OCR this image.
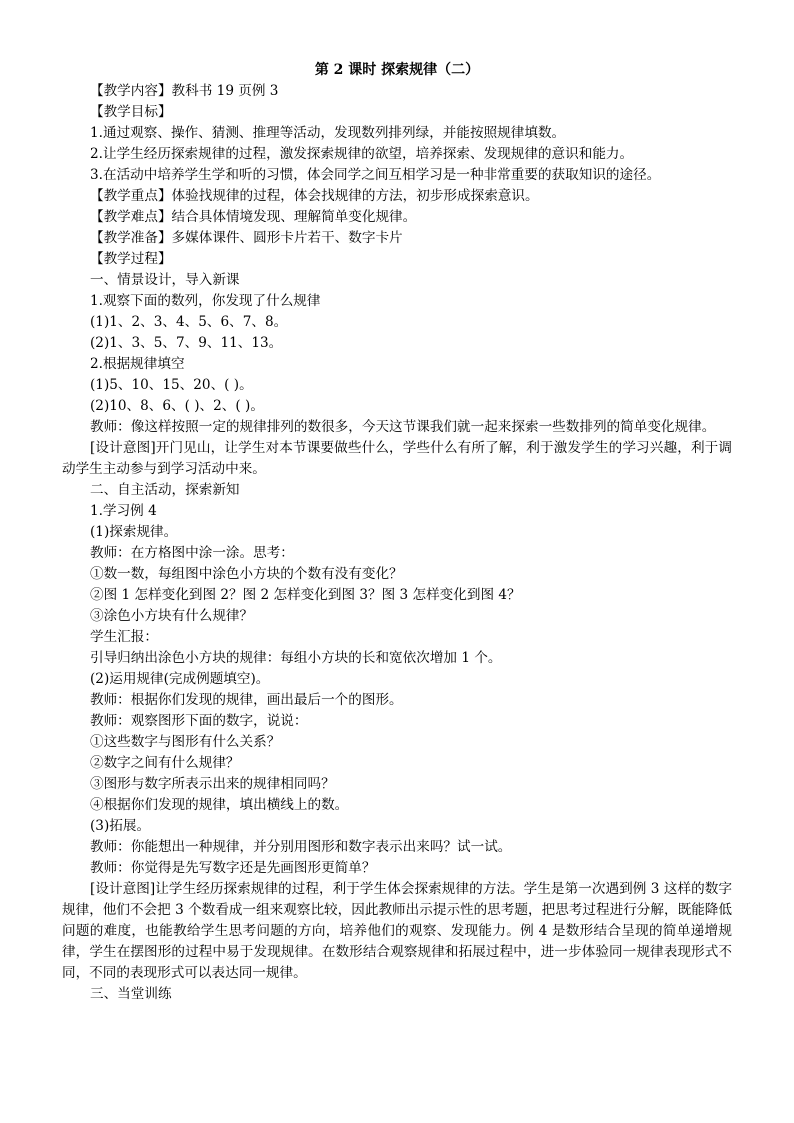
第 2 课时 探索规律（二）
【教学内容】教科书 19 页例 3
【教学目标】
1.通过观察、操作、猜测、推理等活动，发现数列排列绿，并能按照规律填数。
2.让学生经历探索规律的过程，激发探索规律的欲望，培养探索、发现规律的意识和能力。
3.在活动中培养学生学和听的习惯，体会同学之间互相学习是一种非常重要的获取知识的途径。
【教学重点】体验找规律的过程，体会找规律的方法，初步形成探索意识。
【教学难点】结合具体情境发现、理解简单变化规律。
【教学准备】多媒体课件、圆形卡片若干、数字卡片
【教学过程】
一、情景设计，导入新课
1.观察下面的数列，你发现了什么规律
(1)1、2、3、4、5、6、7、8。
(2)1、3、5、7、9、11、13。
2.根据规律填空
(1)5、10、15、20、( )。
(2)10、8、6、( )、2、( )。
教师：像这样按照一定的规律排列的数很多，今天这节课我们就一起来探索一些数排列的简单变化规律。
[设计意图]开门见山，让学生对本节课要做些什么，学些什么有所了解，利于激发学生的学习兴趣，利于调动学生主动参与到学习活动中来。
二、自主活动，探索新知
1.学习例 4
(1)探索规律。
教师：在方格图中涂一涂。思考：
①数一数，每组图中涂色小方块的个数有没有变化？
②图 1 怎样变化到图 2？图 2 怎样变化到图 3？图 3 怎样变化到图 4？
③涂色小方块有什么规律？
学生汇报：
引导归纳出涂色小方块的规律：每组小方块的长和宽依次增加 1 个。
(2)运用规律(完成例题填空)。
教师：根据你们发现的规律，画出最后一个的图形。
教师：观察图形下面的数字，说说：
①这些数字与图形有什么关系？
②数字之间有什么规律？
③图形与数字所表示出来的规律相同吗？
④根据你们发现的规律，填出横线上的数。
(3)拓展。
教师：你能想出一种规律，并分别用图形和数字表示出来吗？试一试。
教师：你觉得是先写数字还是先画图形更简单？
[设计意图]让学生经历探索规律的过程，利于学生体会探索规律的方法。学生是第一次遇到例 3 这样的数字规律，他们不会把 3 个数看成一组来观察比较，因此教师出示提示性的思考题，把思考过程进行分解，既能降低问题的难度，也能教给学生思考问题的方向，培养他们的观察、发现能力。例 4 是数形结合呈现的简单递增规律，学生在摆图形的过程中易于发现规律。在数形结合观察规律和拓展过程中，进一步体验同一规律表现形式不同，不同的表现形式可以表达同一规律。
三、当堂训练
